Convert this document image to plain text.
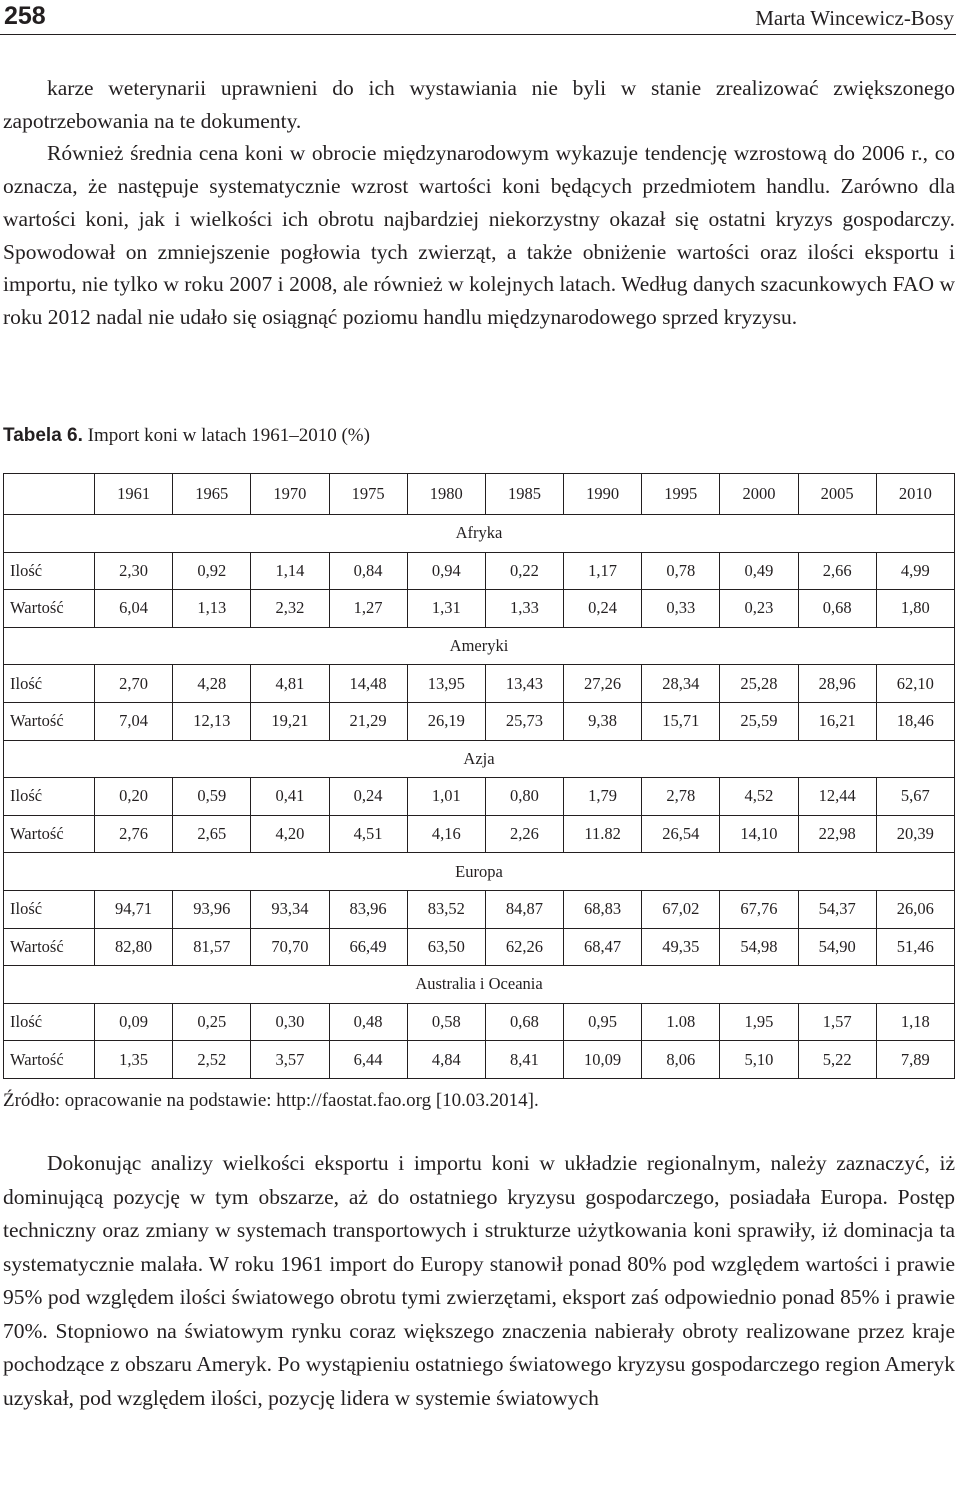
258	Marta Wincewicz-Bosy
karze weterynarii uprawnieni do ich wystawiania nie byli w stanie zrealizować zwiększonego zapotrzebowania na te dokumenty.
Również średnia cena koni w obrocie międzynarodowym wykazuje tendencję wzrostową do 2006 r., co oznacza, że następuje systematycznie wzrost wartości koni będących przedmiotem handlu. Zarówno dla wartości koni, jak i wielkości ich obrotu najbardziej niekorzystny okazał się ostatni kryzys gospodarczy. Spowodował on zmniejszenie pogłowia tych zwierząt, a także obniżenie wartości oraz ilości eksportu i importu, nie tylko w roku 2007 i 2008, ale również w kolejnych latach. Według danych szacunkowych FAO w roku 2012 nadal nie udało się osiągnąć poziomu handlu międzynarodowego sprzed kryzysu.
Tabela 6. Import koni w latach 1961–2010 (%)
	1961	1965	1970	1975	1980	1985	1990	1995	2000	2005	2010
Afryka											
Ilość	2,30	0,92	1,14	0,84	0,94	0,22	1,17	0,78	0,49	2,66	4,99
Wartość	6,04	1,13	2,32	1,27	1,31	1,33	0,24	0,33	0,23	0,68	1,80
Ameryki											
Ilość	2,70	4,28	4,81	14,48	13,95	13,43	27,26	28,34	25,28	28,96	62,10
Wartość	7,04	12,13	19,21	21,29	26,19	25,73	9,38	15,71	25,59	16,21	18,46
Azja											
Ilość	0,20	0,59	0,41	0,24	1,01	0,80	1,79	2,78	4,52	12,44	5,67
Wartość	2,76	2,65	4,20	4,51	4,16	2,26	11.82	26,54	14,10	22,98	20,39
Europa											
Ilość	94,71	93,96	93,34	83,96	83,52	84,87	68,83	67,02	67,76	54,37	26,06
Wartość	82,80	81,57	70,70	66,49	63,50	62,26	68,47	49,35	54,98	54,90	51,46
Australia i Oceania											
Ilość	0,09	0,25	0,30	0,48	0,58	0,68	0,95	1.08	1,95	1,57	1,18
Wartość	1,35	2,52	3,57	6,44	4,84	8,41	10,09	8,06	5,10	5,22	7,89
Źródło: opracowanie na podstawie: http://faostat.fao.org [10.03.2014].
Dokonując analizy wielkości eksportu i importu koni w układzie regionalnym, należy zaznaczyć, iż dominującą pozycję w tym obszarze, aż do ostatniego kryzysu gospodarczego, posiadała Europa. Postęp techniczny oraz zmiany w systemach transportowych i strukturze użytkowania koni sprawiły, iż dominacja ta systematycznie malała. W roku 1961 import do Europy stanowił ponad 80% pod względem wartości i prawie 95% pod względem ilości światowego obrotu tymi zwierzętami, eksport zaś odpowiednio ponad 85% i prawie 70%. Stopniowo na światowym rynku coraz większego znaczenia nabierały obroty realizowane przez kraje pochodzące z obszaru Ameryk. Po wystąpieniu ostatniego światowego kryzysu gospodarczego region Ameryk uzyskał, pod względem ilości, pozycję lidera w systemie światowych
